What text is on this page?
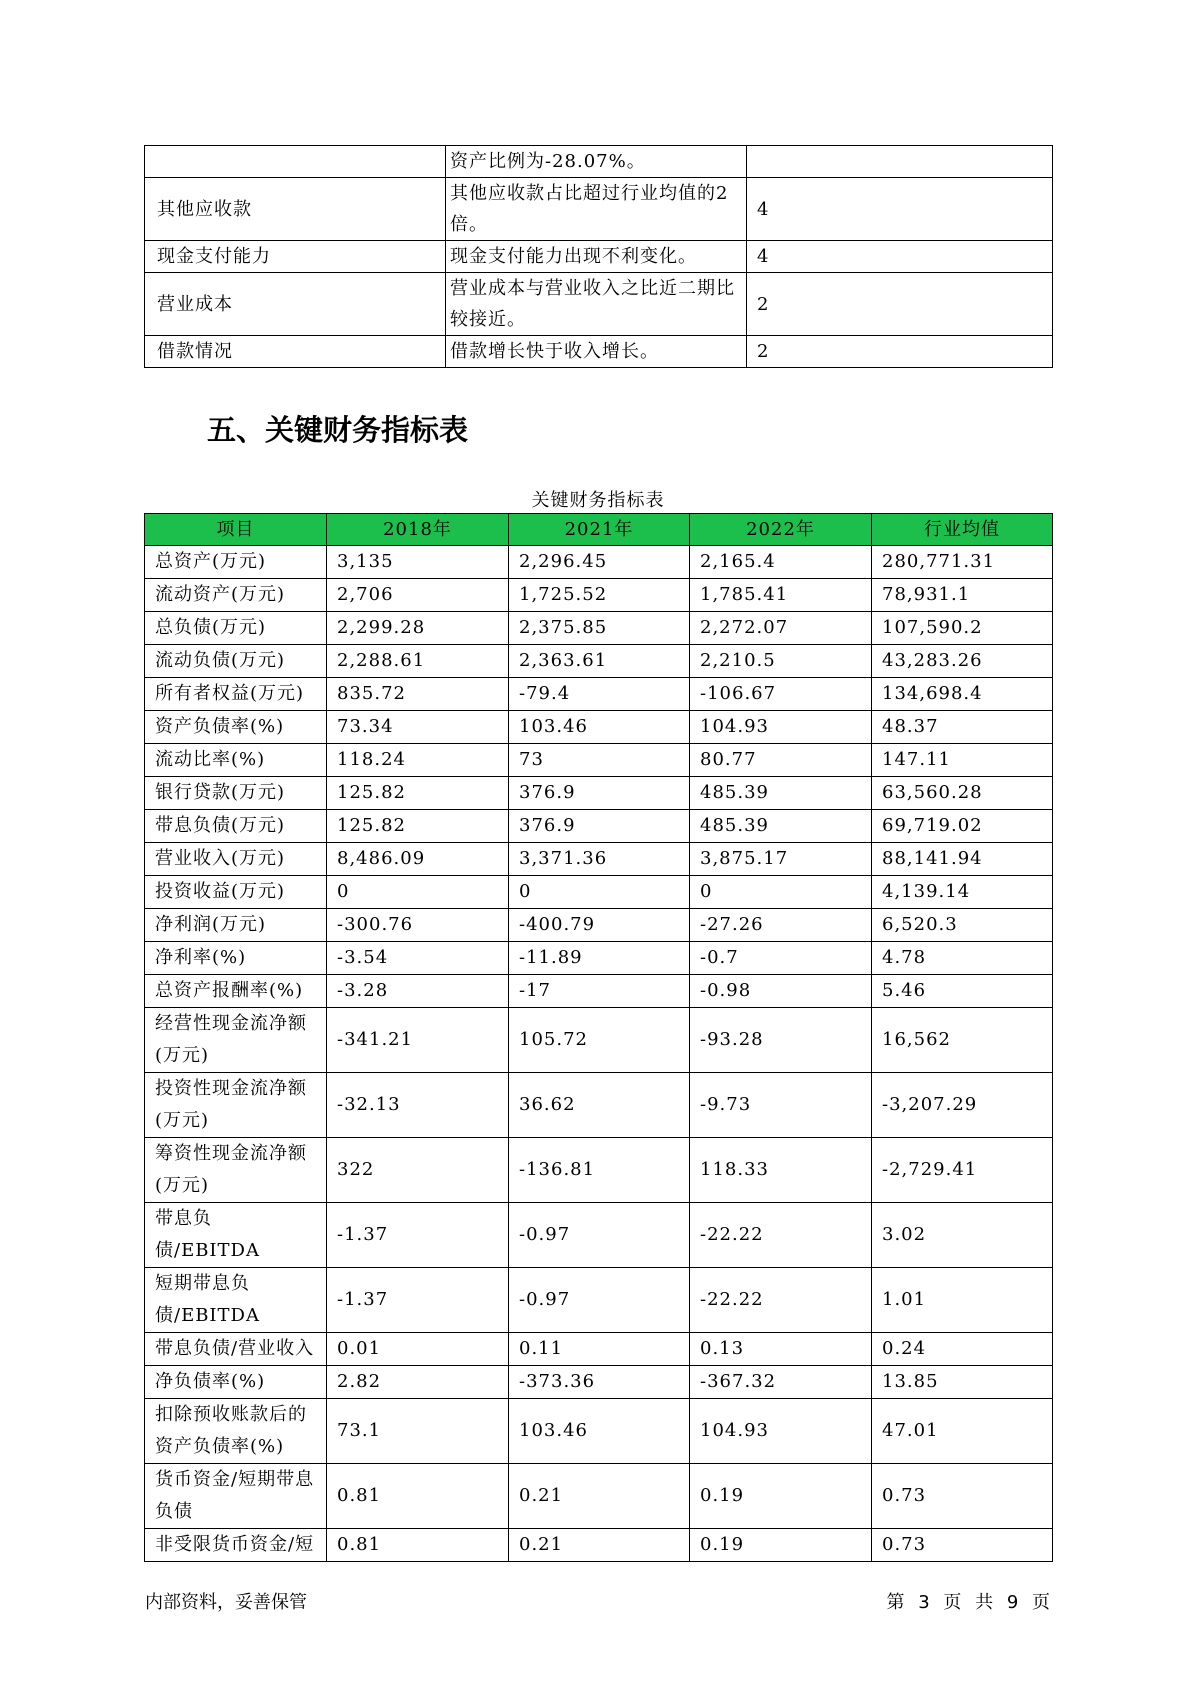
	资产比例为-28.07%。	
其他应收款	其他应收款占比超过行业均值的2倍。	4
现金支付能力	现金支付能力出现不利变化。	4
营业成本	营业成本与营业收入之比近二期比较接近。	2
借款情况	借款增长快于收入增长。	2
五、关键财务指标表
关键财务指标表
项目	2018年	2021年	2022年	行业均值
总资产(万元)	3,135	2,296.45	2,165.4	280,771.31
流动资产(万元)	2,706	1,725.52	1,785.41	78,931.1
总负债(万元)	2,299.28	2,375.85	2,272.07	107,590.2
流动负债(万元)	2,288.61	2,363.61	2,210.5	43,283.26
所有者权益(万元)	835.72	-79.4	-106.67	134,698.4
资产负债率(%)	73.34	103.46	104.93	48.37
流动比率(%)	118.24	73	80.77	147.11
银行贷款(万元)	125.82	376.9	485.39	63,560.28
带息负债(万元)	125.82	376.9	485.39	69,719.02
营业收入(万元)	8,486.09	3,371.36	3,875.17	88,141.94
投资收益(万元)	0	0	0	4,139.14
净利润(万元)	-300.76	-400.79	-27.26	6,520.3
净利率(%)	-3.54	-11.89	-0.7	4.78
总资产报酬率(%)	-3.28	-17	-0.98	5.46
经营性现金流净额(万元)	-341.21	105.72	-93.28	16,562
投资性现金流净额(万元)	-32.13	36.62	-9.73	-3,207.29
筹资性现金流净额(万元)	322	-136.81	118.33	-2,729.41
带息负债/EBITDA	-1.37	-0.97	-22.22	3.02
短期带息负债/EBITDA	-1.37	-0.97	-22.22	1.01
带息负债/营业收入	0.01	0.11	0.13	0.24
净负债率(%)	2.82	-373.36	-367.32	13.85
扣除预收账款后的资产负债率(%)	73.1	103.46	104.93	47.01
货币资金/短期带息负债	0.81	0.21	0.19	0.73
非受限货币资金/短	0.81	0.21	0.19	0.73
内部资料，妥善保管	第 3 页 共 9 页
